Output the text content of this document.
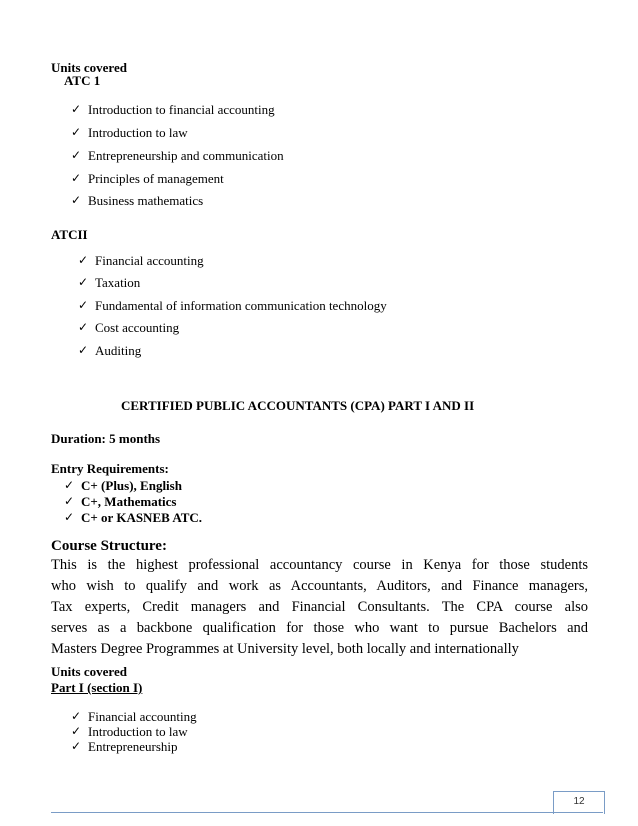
Units covered
ATC 1
✓ Introduction to financial accounting
✓ Introduction to law
✓ Entrepreneurship and communication
✓ Principles of management
✓ Business mathematics
ATCII
✓ Financial accounting
✓ Taxation
✓ Fundamental of information communication technology
✓ Cost accounting
✓ Auditing
CERTIFIED PUBLIC ACCOUNTANTS (CPA) PART I AND II
Duration: 5 months
Entry Requirements:
✓ C+ (Plus), English
✓ C+, Mathematics
✓ C+ or KASNEB ATC.
Course Structure:
This is the highest professional accountancy course in Kenya for those students
who wish to qualify and work as Accountants, Auditors, and Finance managers,
Tax experts, Credit managers and Financial Consultants. The CPA course also
serves as a backbone qualification for those who want to pursue Bachelors and
Masters Degree Programmes at University level, both locally and internationally
Units covered
Part I (section I)
✓ Financial accounting
✓ Introduction to law
✓ Entrepreneurship
12
